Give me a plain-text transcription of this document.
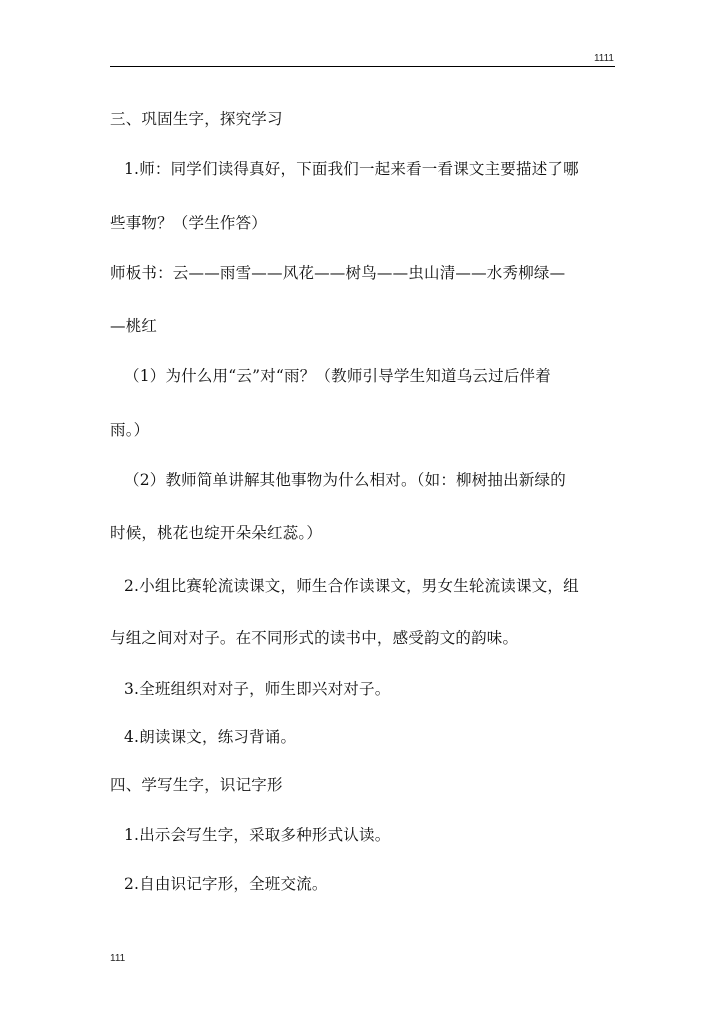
1111
三、巩固生字，探究学习
1.师：同学们读得真好，下面我们一起来看一看课文主要描述了哪
些事物？（学生作答）
师板书：云——雨雪——风花——树鸟——虫山清——水秀柳绿—
—桃红
（1）为什么用“云”对“雨？（教师引导学生知道乌云过后伴着
雨。）
（2）教师简单讲解其他事物为什么相对。（如：柳树抽出新绿的
时候，桃花也绽开朵朵红蕊。）
2.小组比赛轮流读课文，师生合作读课文，男女生轮流读课文，组
与组之间对对子。在不同形式的读书中，感受韵文的韵味。
3.全班组织对对子，师生即兴对对子。
4.朗读课文，练习背诵。
四、学写生字，识记字形
1.出示会写生字，采取多种形式认读。
2.自由识记字形，全班交流。
111
